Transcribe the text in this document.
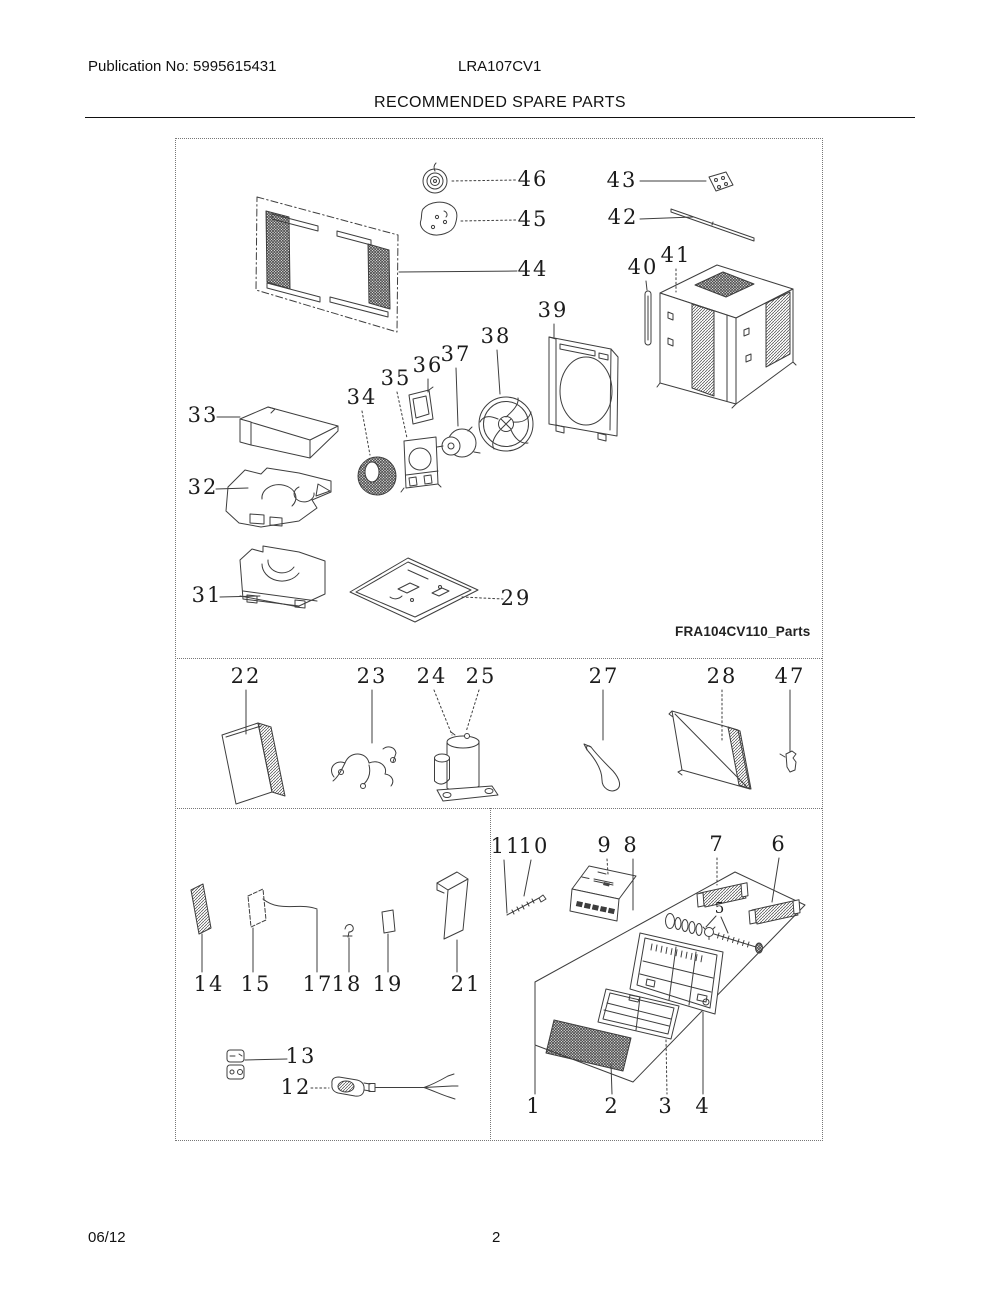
Publication No: 5995615431	LRA107CV1
RECOMMENDED SPARE PARTS
46
45
44
43
42
41
40
39
38
37
36
35
34
33
32
31	29
22	23 24 25	27	28 47
14 15 17
18 19 21
13
12
11
10 9 8	7 6
5
1	2 3 4
FRA104CV110_Parts
06/12	2
